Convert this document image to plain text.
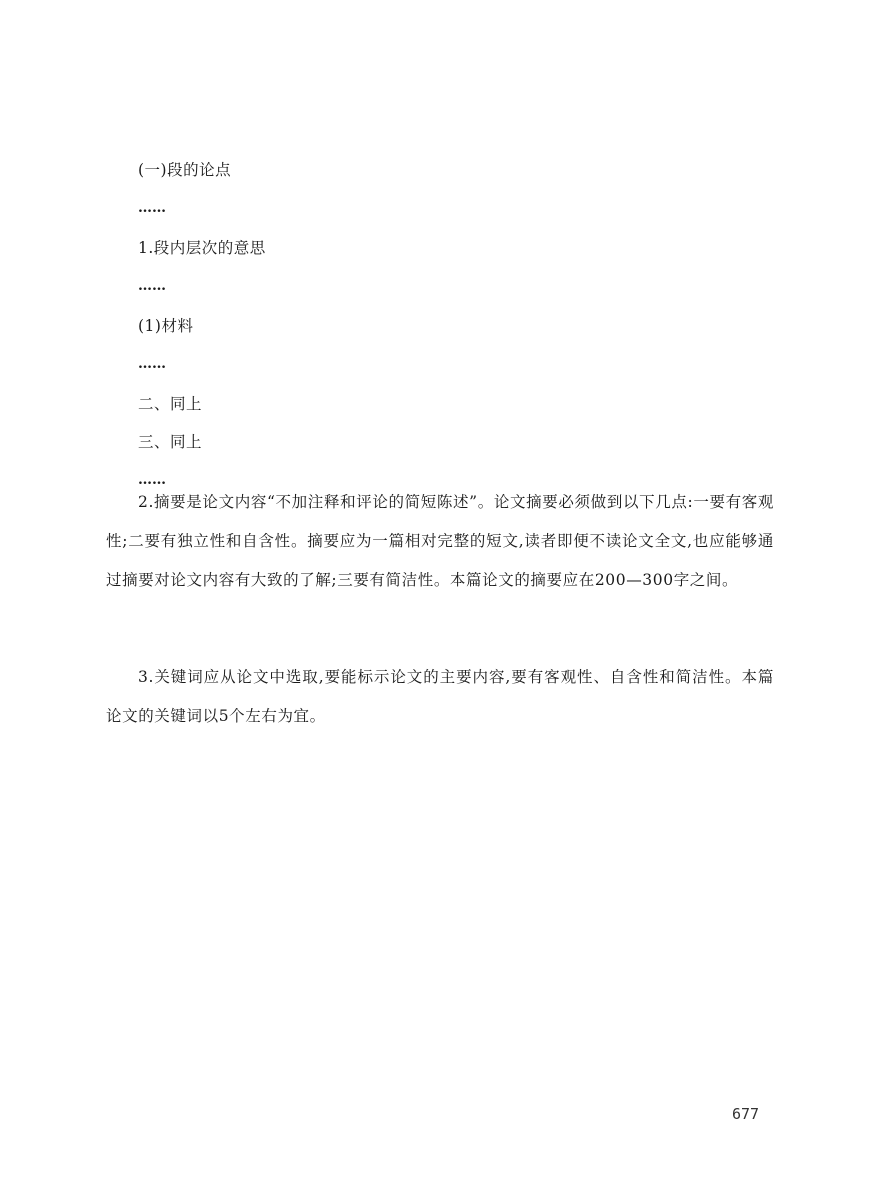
(一)段的论点
……
1.段内层次的意思
……
(1)材料
……
二、同上
三、同上
……

2.摘要是论文内容“不加注释和评论的简短陈述”。论文摘要必须做到以下几点:一要有客观性;二要有独立性和自含性。摘要应为一篇相对完整的短文,读者即便不读论文全文,也应能够通过摘要对论文内容有大致的了解;三要有简洁性。本篇论文的摘要应在200—300字之间。

3.关键词应从论文中选取,要能标示论文的主要内容,要有客观性、自含性和简洁性。本篇论文的关键词以5个左右为宜。

677
